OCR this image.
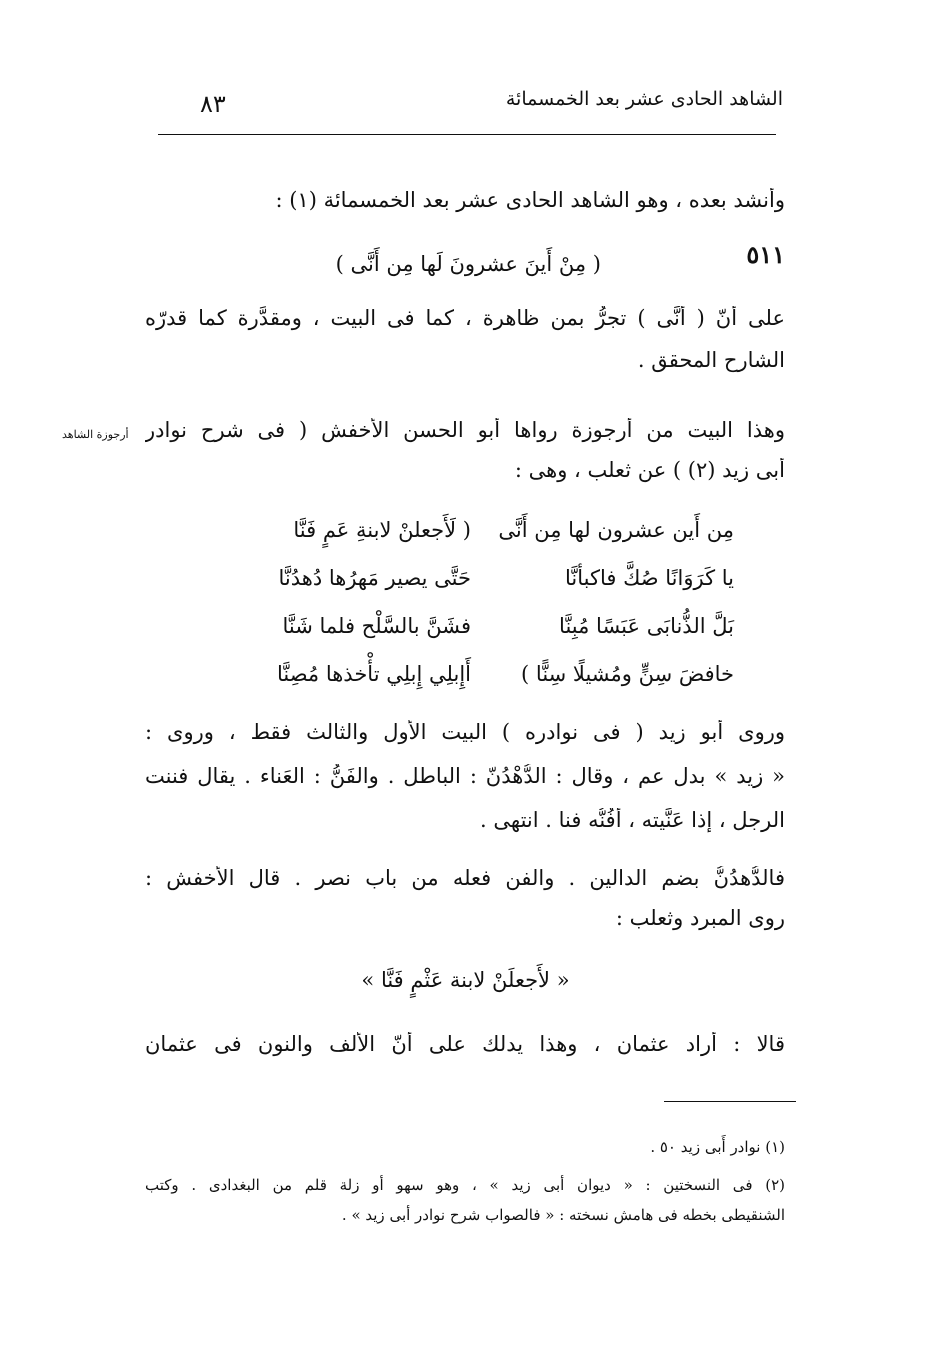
الشاهد الحادى عشر بعد الخمسمائة
٨٣
وأُنشد بعده ، وهو الشاهد الحادى عشر بعد الخمسمائة (١) :
٥١١
( مِنْ أَينَ عشرونَ لَها مِن أَنَّى )
على أَنّ ( أَنَّى ) تجرُّ بمن ظاهرة ، كما فى البيت ، ومقدَّرة كما قدرّه
الشارح المحقق .
أرجوزة الشاهد وهذا البيت من أُرجوزة رواها أَبو الحسن الأَخفش ( فى شرح نوادر
أَبى زيد (٢) ) عن ثعلب ، وهى :
( لَأَجعلنْ لابنةِ عَمٍ فَنَّا مِن أَين عشرون لها مِن أَنَّى
حَتَّى يصير مَهرُها دُهدُنَّا	يا كَرَوَانًا صُكَّ فاكبأنَّا
فشَنَّ بالسَّلْح فلما شَنَّا	بَلَّ الذُّنابَى عَبَسًا مُبِنَّا
أَإِبلِي إِبلِي تأْخذها مُصِنَّا خافضَ سِنٍّ ومُشيلًا سِنًّا )
وروى أَبو زيد ( فى نوادره ) البيت الأَول والثالث فقط ، وروى :
« زيد » بدل عمٍ ، وقال : الدُّهْدُنّ : الباطل . والفَنُّ : العَناء . يقال فننت
الرجل ، إذا عَنَّيته ، أَفُنُّه فنا . انتهى .
فالدُّهدُنُّ بضم الدالين . والفن فعله من باب نصر . قال الأَخفش :
روى المبرد وثعلب :
« لأَجعلَنْ لابنة عَثْمٍ فَنَّا »
قالا : أَراد عثمان ، وهذا يدلك على أَنّ الأَلف والنون فى عثمان
(١) نوادر أَبى زيد ٥٠ .
(٢) فى النسختين : « ديوان أبى زيد » ، وهو سهو أو زلة قلم من البغدادى . وكتب
الشنقيطى بخطه فى هامش نسخته : « فالصواب شرح نوادر أبى زيد » .
